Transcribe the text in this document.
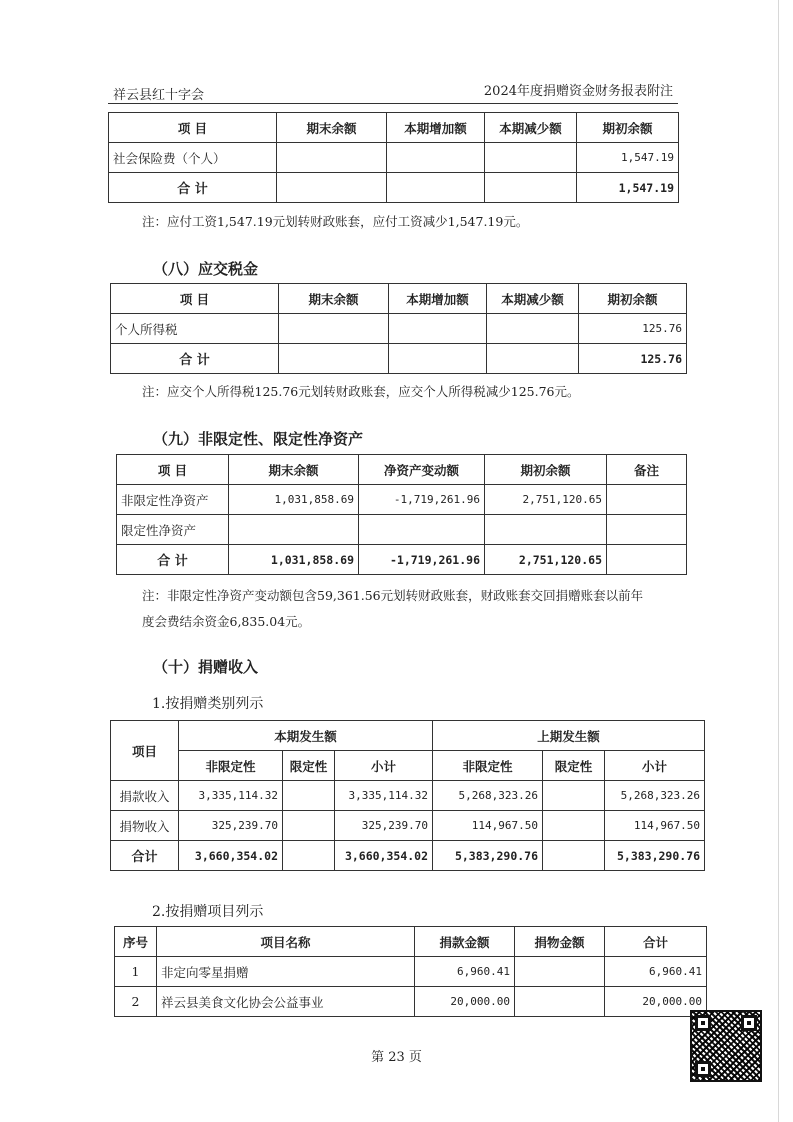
祥云县红十字会	2024年度捐赠资金财务报表附注
项 目	期末余额	本期增加额	本期减少额	期初余额
社会保险费（个人）				1,547.19
合 计				1,547.19
注：应付工资1,547.19元划转财政账套，应付工资减少1,547.19元。
（八）应交税金
项 目	期末余额	本期增加额	本期减少额	期初余额
个人所得税				125.76
合 计				125.76
注：应交个人所得税125.76元划转财政账套，应交个人所得税减少125.76元。
（九）非限定性、限定性净资产
项 目	期末余额	净资产变动额	期初余额	备注
非限定性净资产	1,031,858.69	-1,719,261.96	2,751,120.65	
限定性净资产				
合 计	1,031,858.69	-1,719,261.96	2,751,120.65	
注：非限定性净资产变动额包含59,361.56元划转财政账套，财政账套交回捐赠账套以前年
度会费结余资金6,835.04元。
（十）捐赠收入
1.按捐赠类别列示
项目	本期发生额			上期发生额		
	非限定性	限定性	小计	非限定性	限定性	小计
捐款收入	3,335,114.32		3,335,114.32	5,268,323.26		5,268,323.26
捐物收入	325,239.70		325,239.70	114,967.50		114,967.50
合计	3,660,354.02		3,660,354.02	5,383,290.76		5,383,290.76
2.按捐赠项目列示
序号	项目名称	捐款金额	捐物金额	合计
1	非定向零星捐赠	6,960.41		6,960.41
2	祥云县美食文化协会公益事业	20,000.00		20,000.00
第 23 页
